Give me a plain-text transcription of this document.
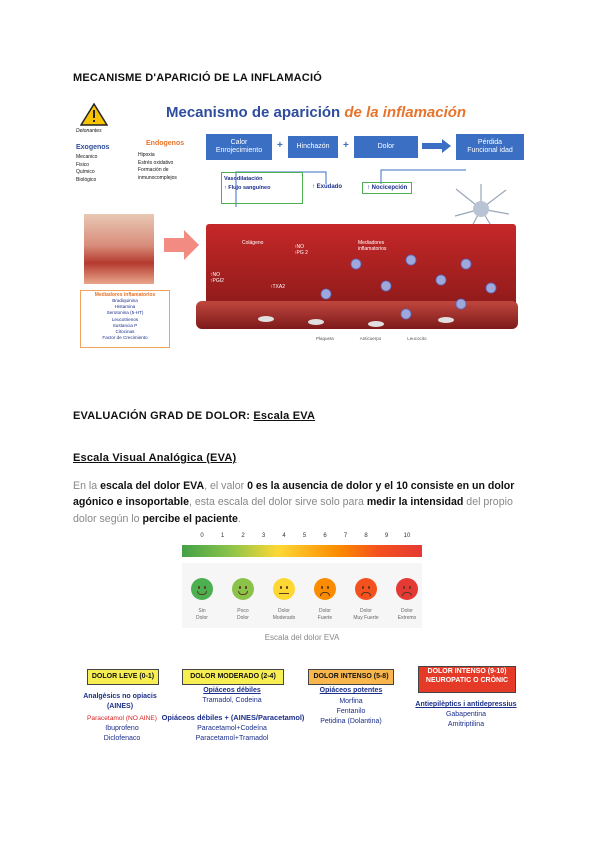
MECANISME D'APARICIÓ DE LA INFLAMACIÓ
Mecanismo de aparición de la inflamación
Detonantes
Exogenos
Mecanico
Fisico
Químico
Biológico
Endogenos
Hipoxia
Estrés oxidativo
Formación de
inmunocomplejos
Calor
Enrojecimiento	+	Hinchazón	+	Dolor
Pérdida
Funcional idad
Vasodilatación
↑ Flujo sanguíneo	↑ Exudado	↑ Nocicepción
Colágeno
↑NO
↑PG 2
Mediadores
inflamatorios
↑NO
↑PGI2
↑TXA2
Mediadores inflamatorios
Bradiquinina
Histamina
Serotonina (5-HT)
Leucotrienos
Sustancia P
Citocinas
Factor de Crecimiento	Plaqueta	Anticuerpo	Leucocito
EVALUACIÓN GRAD DE DOLOR: Escala EVA
Escala Visual Analógica (EVA)
En la escala del dolor EVA, el valor 0 es la ausencia de dolor y el 10 consiste en un dolor agónico e insoportable, esta escala del dolor sirve solo para medir la intensidad del propio dolor según lo percibe el paciente.
0	1	2	3	4	5	6	7	8	9	10
Sin
Dolor
Poco
Dolor
Dolor
Moderado
Dolor
Fuerte
Dolor
Muy Fuerte
Dolor
Extremo
Escala del dolor EVA
DOLOR LEVE (0-1)	DOLOR MODERADO (2-4)	DOLOR INTENSO (5-8)
DOLOR INTENSO (9-10)
NEUROPATIC O CRÒNIC
Analgèsics no opiacis
(AINES)
Paracetamol (NO AINE)
Ibuprofeno
Diclofenaco
Opiáceos débiles
Tramadol, Codeina
Opiáceos débiles + (AINES/Paracetamol)
Paracetamol+Codeína
Paracetamol+Tramadol
Opiáceos potentes
Morfina
Fentanilo
Petidina (Dolantina)
Antiepilèptics i antidepressius
Gabapentina
Amitriptilina
